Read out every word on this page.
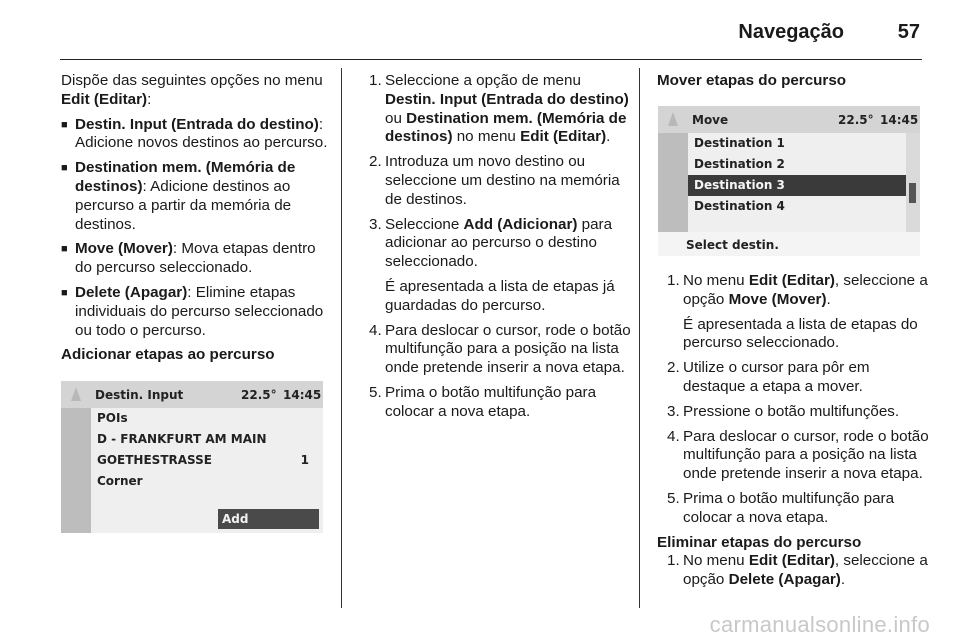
Navegação	57

Dispõe das seguintes opções no menu Edit (Editar):

■ Destin. Input (Entrada do destino): Adicione novos destinos ao percurso.
■ Destination mem. (Memória de destinos): Adicione destinos ao percurso a partir da memória de destinos.
■ Move (Mover): Mova etapas dentro do percurso seleccionado.
■ Delete (Apagar): Elimine etapas individuais do percurso seleccionado ou todo o percurso.
Adicionar etapas ao percurso
Destin. Input	22.5° 14:45
POIs
D - FRANKFURT AM MAIN
GOETHESTRASSE	1
Corner
Add
1. Seleccione a opção de menu Destin. Input (Entrada do destino) ou Destination mem. (Memória de destinos) no menu Edit (Editar).
2. Introduza um novo destino ou seleccione um destino na memória de destinos.
3. Seleccione Add (Adicionar) para adicionar ao percurso o destino seleccionado.

É apresentada a lista de etapas já guardadas do percurso.

4. Para deslocar o cursor, rode o botão multifunção para a posição na lista onde pretende inserir a nova etapa.
5. Prima o botão multifunção para colocar a nova etapa.
Mover etapas do percurso
Move	22.5° 14:45
Destination 1
Destination 2
Destination 3
Destination 4
Select destin.
1. No menu Edit (Editar), seleccione a opção Move (Mover).

É apresentada a lista de etapas do percurso seleccionado.

2. Utilize o cursor para pôr em destaque a etapa a mover.
3. Pressione o botão multifunções.
4. Para deslocar o cursor, rode o botão multifunção para a posição na lista onde pretende inserir a nova etapa.
5. Prima o botão multifunção para colocar a nova etapa.
Eliminar etapas do percurso
1. No menu Edit (Editar), seleccione a opção Delete (Apagar).
carmanualsonline.info
